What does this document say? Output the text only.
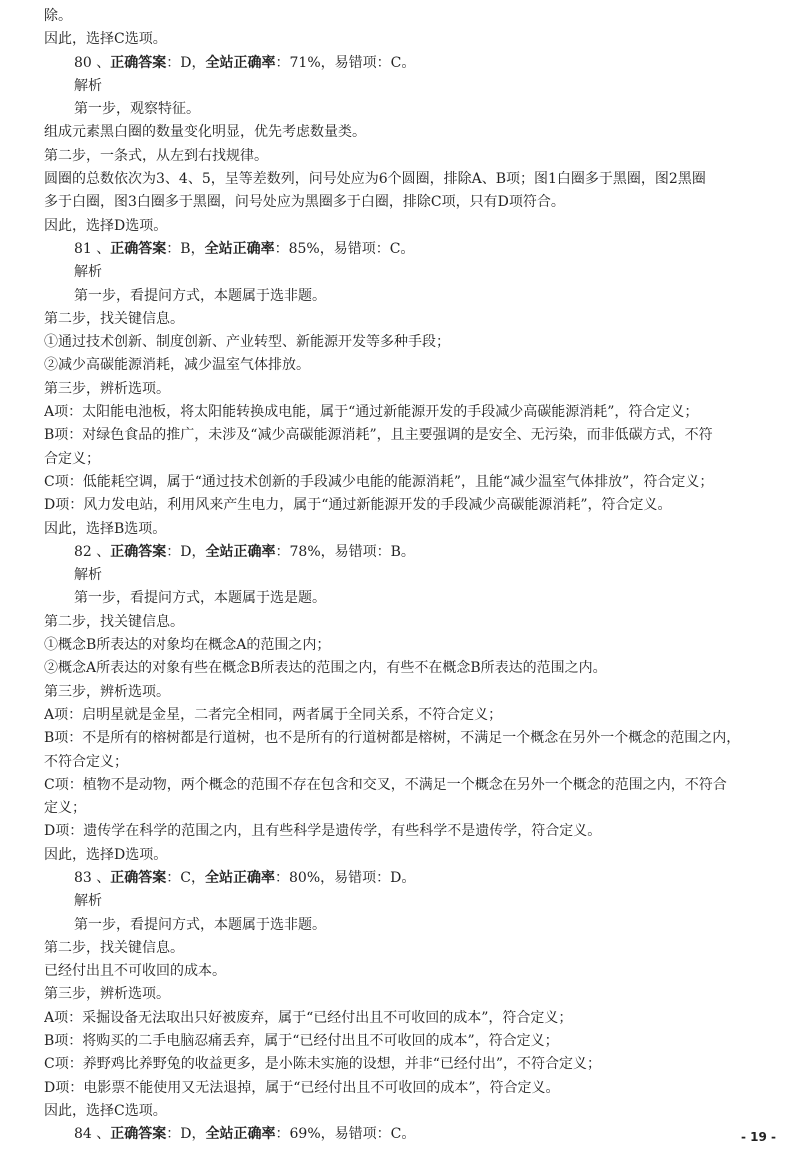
除。
因此，选择C选项。
80 、正确答案：D，全站正确率：71%，易错项：C。
解析
第一步，观察特征。
组成元素黑白圈的数量变化明显，优先考虑数量类。
第二步，一条式，从左到右找规律。
圆圈的总数依次为3、4、5，呈等差数列，问号处应为6个圆圈，排除A、B项；图1白圈多于黑圈，图2黑圈
多于白圈，图3白圈多于黑圈，问号处应为黑圈多于白圈，排除C项，只有D项符合。
因此，选择D选项。
81 、正确答案：B，全站正确率：85%，易错项：C。
解析
第一步，看提问方式，本题属于选非题。
第二步，找关键信息。
①通过技术创新、制度创新、产业转型、新能源开发等多种手段；
②减少高碳能源消耗，减少温室气体排放。
第三步，辨析选项。
A项：太阳能电池板，将太阳能转换成电能，属于“通过新能源开发的手段减少高碳能源消耗”，符合定义；
B项：对绿色食品的推广，未涉及“减少高碳能源消耗”，且主要强调的是安全、无污染，而非低碳方式，不符
合定义；
C项：低能耗空调，属于“通过技术创新的手段减少电能的能源消耗”，且能“减少温室气体排放”，符合定义；
D项：风力发电站，利用风来产生电力，属于“通过新能源开发的手段减少高碳能源消耗”，符合定义。
因此，选择B选项。
82 、正确答案：D，全站正确率：78%，易错项：B。
解析
第一步，看提问方式，本题属于选是题。
第二步，找关键信息。
①概念B所表达的对象均在概念A的范围之内；
②概念A所表达的对象有些在概念B所表达的范围之内，有些不在概念B所表达的范围之内。
第三步，辨析选项。
A项：启明星就是金星，二者完全相同，两者属于全同关系，不符合定义；
B项：不是所有的榕树都是行道树，也不是所有的行道树都是榕树，不满足一个概念在另外一个概念的范围之内，
不符合定义；
C项：植物不是动物，两个概念的范围不存在包含和交叉，不满足一个概念在另外一个概念的范围之内，不符合
定义；
D项：遗传学在科学的范围之内，且有些科学是遗传学，有些科学不是遗传学，符合定义。
因此，选择D选项。
83 、正确答案：C，全站正确率：80%，易错项：D。
解析
第一步，看提问方式，本题属于选非题。
第二步，找关键信息。
已经付出且不可收回的成本。
第三步，辨析选项。
A项：采掘设备无法取出只好被废弃，属于“已经付出且不可收回的成本”，符合定义；
B项：将购买的二手电脑忍痛丢弃，属于“已经付出且不可收回的成本”，符合定义；
C项：养野鸡比养野兔的收益更多，是小陈未实施的设想，并非“已经付出”，不符合定义；
D项：电影票不能使用又无法退掉，属于“已经付出且不可收回的成本”，符合定义。
因此，选择C选项。
84 、正确答案：D，全站正确率：69%，易错项：C。	- 19 -
